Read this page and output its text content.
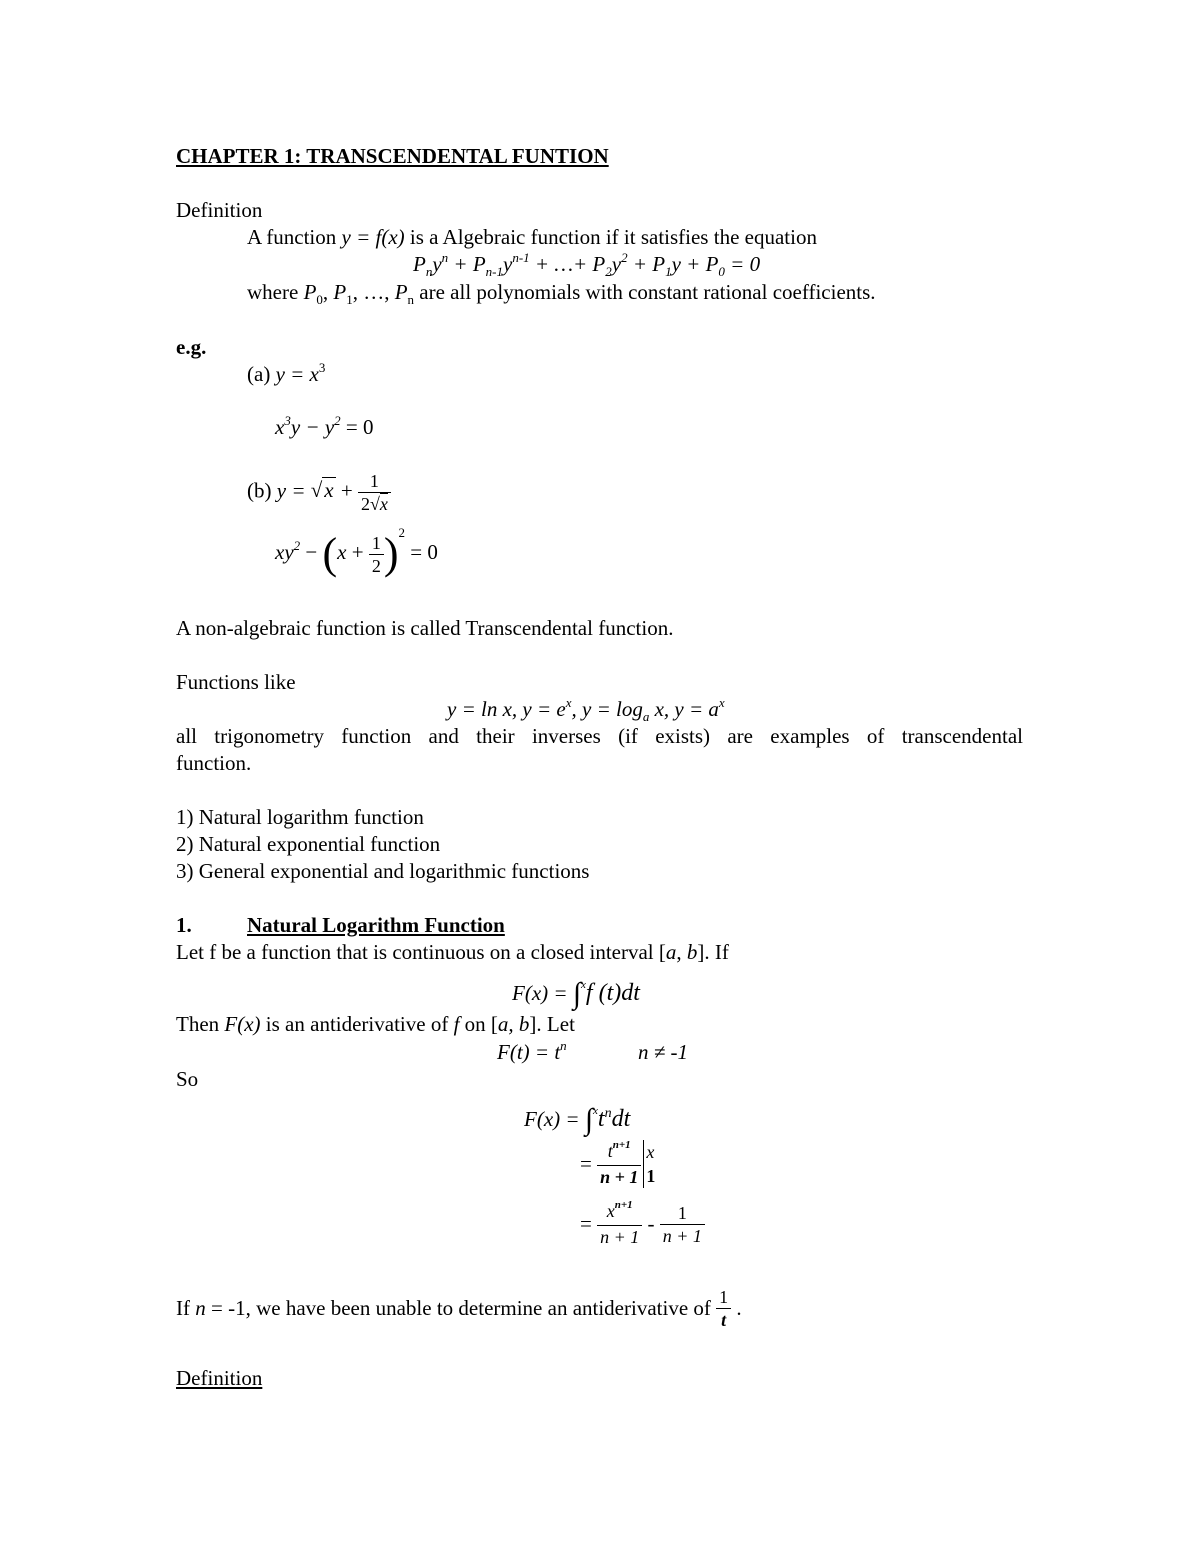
CHAPTER 1: TRANSCENDENTAL FUNTION
Definition
A function y = f(x) is a Algebraic function if it satisfies the equation
$P_ny^n + P_{n-1}y^{n-1}$ + …+ $P_2y^2 + P_1y + P_0 = 0$
where $P_0$, $P_1$, …, $P_n$ are all polynomials with constant rational coefficients.
e.g.
(a) $y = x^3$
$x^3y - y^2 = 0$
(b) $y = √x + \frac{1}{2√x}$
$xy^2 - (x + \frac{1}{2} )^2 = 0$
A non-algebraic function is called Transcendental function.
Functions like
y = ln x, $y = e^x$, $y = \log_a x$, $y = a^x$
all trigonometry function and their inverses (if exists) are examples of transcendental
function.
1) Natural logarithm function
2) Natural exponential function
3) General exponential and logarithmic functions
1.	Natural Logarithm Function
Let f be a function that is continuous on a closed interval [a, b]. If
F(x) = ∫$^x$f (t)dt
Then F(x) is an antiderivative of f on [a, b]. Let
$F(t) = t^n$	n ≠ -1
So
$F(x) = \int^xt^ndt$
= $\frac{t^{n+1}}{n + 1}$ x
1
= $\frac{x^{n+1}}{n + 1} - \frac{1}{n + 1}$
If n = -1, we have been unable to determine an antiderivative of $\frac{1}{t}$ .
Definition
